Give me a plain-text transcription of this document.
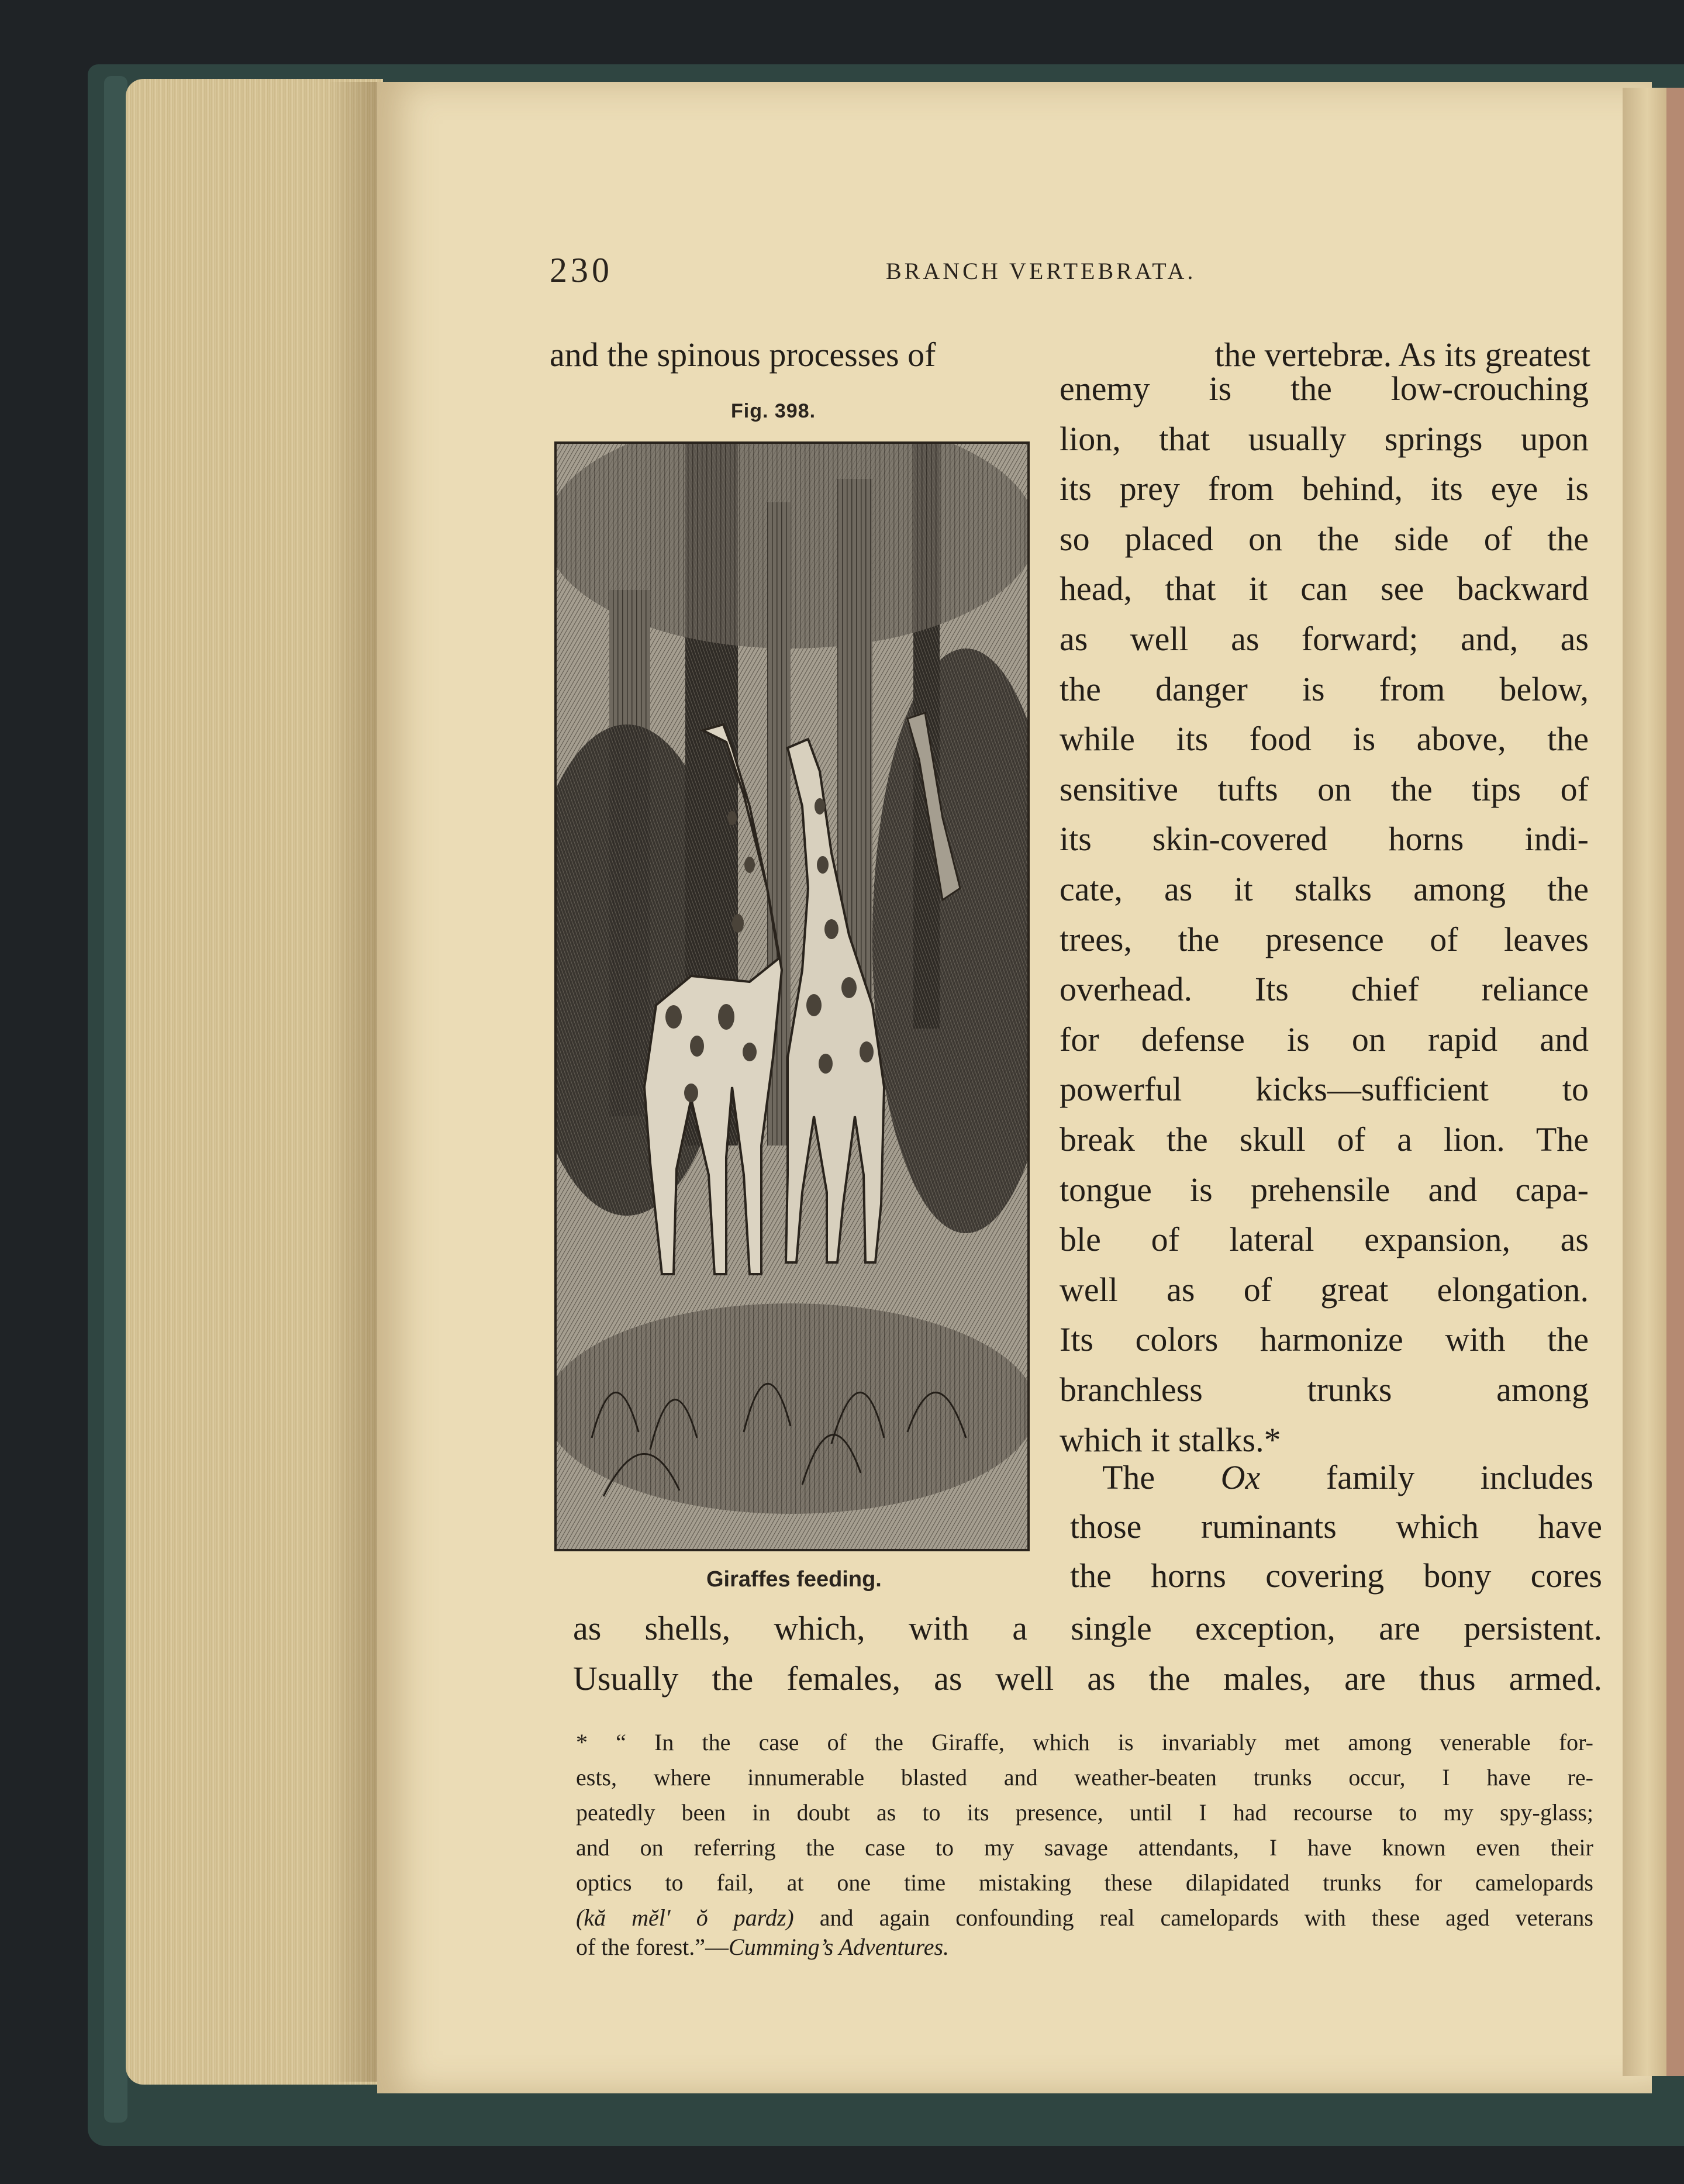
230	BRANCH VERTEBRATA.
and the spinous processes of	the vertebræ. As its greatest
Fig. 398.
Giraffes feeding.
enemy is the low-crouching
lion, that usually springs upon
its prey from behind, its eye is
so placed on the side of the
head, that it can see backward
as well as forward; and, as
the danger is from below,
while its food is above, the
sensitive tufts on the tips of
its skin-covered horns indi-
cate, as it stalks among the
trees, the presence of leaves
overhead. Its chief reliance
for defense is on rapid and
powerful kicks—sufficient to
break the skull of a lion. The
tongue is prehensile and capa-
ble of lateral expansion, as
well as of great elongation.
Its colors harmonize with the
branchless trunks among
which it stalks.*
The Ox family includes
those ruminants which have
the horns covering bony cores
as shells, which, with a single exception, are persistent.
Usually the females, as well as the males, are thus armed.
* “ In the case of the Giraffe, which is invariably met among venerable for-
ests, where innumerable blasted and weather-beaten trunks occur, I have re-
peatedly been in doubt as to its presence, until I had recourse to my spy-glass;
and on referring the case to my savage attendants, I have known even their
optics to fail, at one time mistaking these dilapidated trunks for camelopards
(kă mĕl′ ŏ pardz) and again confounding real camelopards with these aged veterans
of the forest.”—Cumming’s Adventures.
